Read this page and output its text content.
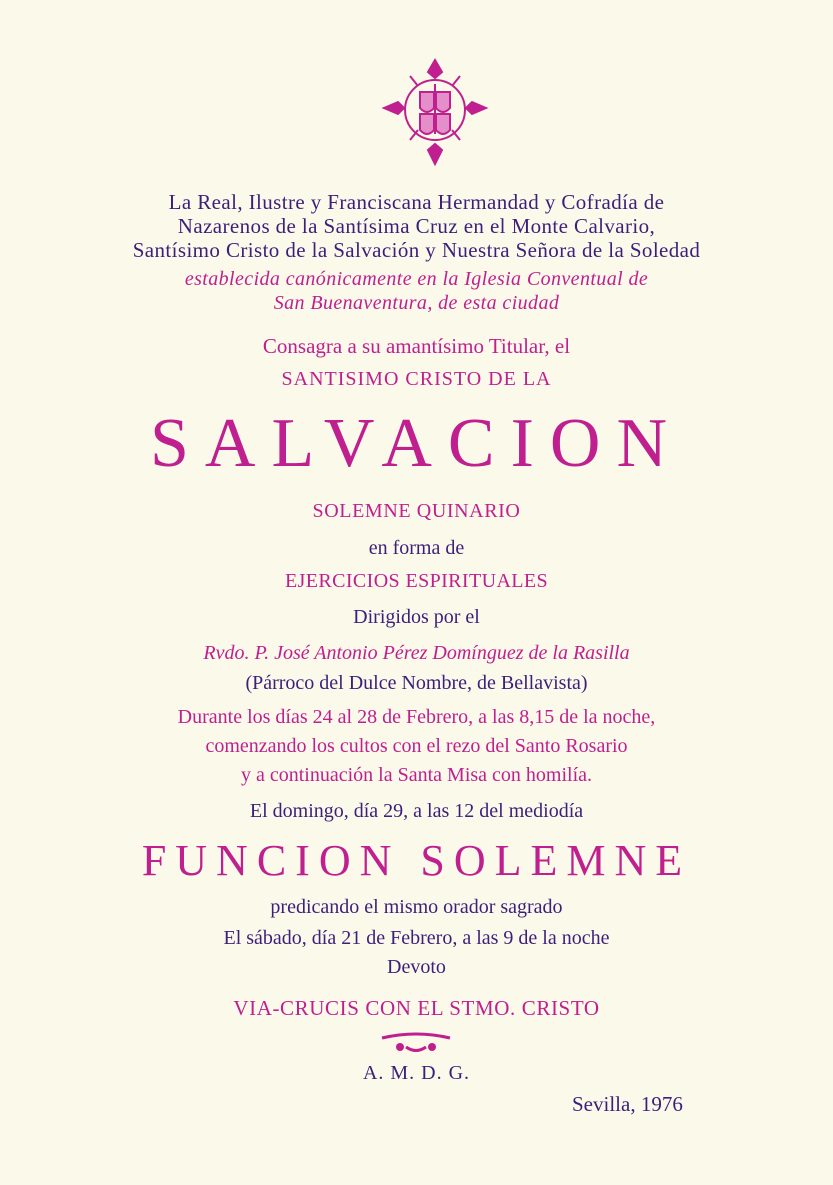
La Real, Ilustre y Franciscana Hermandad y Cofradía de
Nazarenos de la Santísima Cruz en el Monte Calvario,
Santísimo Cristo de la Salvación y Nuestra Señora de la Soledad
establecida canónicamente en la Iglesia Conventual de
San Buenaventura, de esta ciudad
Consagra a su amantísimo Titular, el
SANTISIMO CRISTO DE LA
SALVACION
SOLEMNE QUINARIO
en forma de
EJERCICIOS ESPIRITUALES
Dirigidos por el
Rvdo. P. José Antonio Pérez Domínguez de la Rasilla
(Párroco del Dulce Nombre, de Bellavista)
Durante los días 24 al 28 de Febrero, a las 8,15 de la noche,
comenzando los cultos con el rezo del Santo Rosario
y a continuación la Santa Misa con homilía.
El domingo, día 29, a las 12 del mediodía
FUNCION SOLEMNE
predicando el mismo orador sagrado
El sábado, día 21 de Febrero, a las 9 de la noche
Devoto
VIA-CRUCIS CON EL STMO. CRISTO
A. M. D. G.
Sevilla, 1976
